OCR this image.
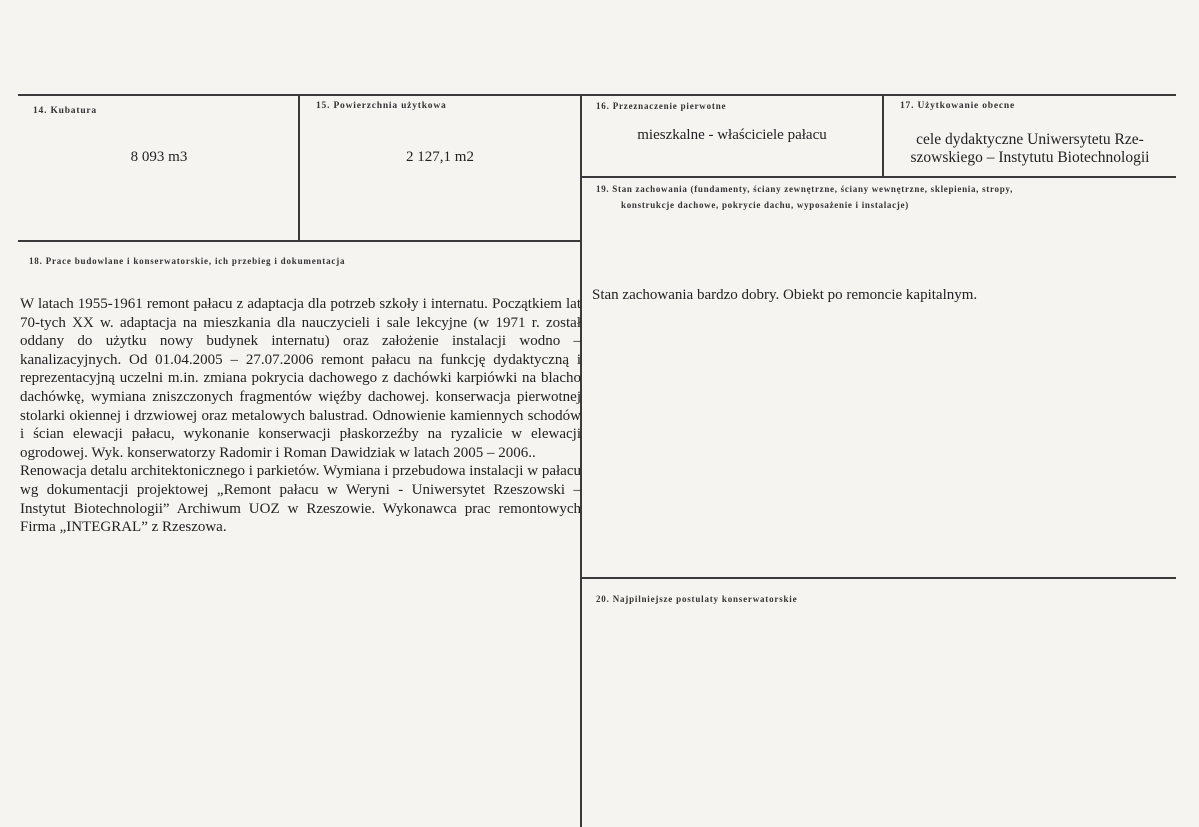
14. Kubatura
8 093 m3
15. Powierzchnia użytkowa
2 127,1 m2
16. Przeznaczenie pierwotne
mieszkalne - właściciele pałacu
17. Użytkowanie obecne
cele dydaktyczne Uniwersytetu Rze-
szowskiego – Instytutu Biotechnologii
18. Prace budowlane i konserwatorskie, ich przebieg i dokumentacja

W latach 1955-1961 remont pałacu z adaptacja dla potrzeb szkoły i internatu. Początkiem lat 70-tych XX w. adaptacja na mieszkania dla nauczycieli i sale lekcyjne (w 1971 r. został oddany do użytku nowy budynek internatu) oraz założenie instalacji wodno – kanalizacyjnych. Od 01.04.2005 – 27.07.2006 remont pałacu na funkcję dydaktyczną i reprezentacyjną uczelni m.in. zmiana pokrycia dachowego z dachówki karpiówki na blacho dachówkę, wymiana zniszczonych fragmentów więźby dachowej. konserwacja pierwotnej stolarki okiennej i drzwiowej oraz metalowych balustrad. Odnowienie kamiennych schodów i ścian elewacji pałacu, wykonanie konserwacji płaskorzeźby na ryzalicie w elewacji ogrodowej. Wyk. konserwatorzy Radomir i Roman Dawidziak w latach 2005 – 2006..

Renowacja detalu architektonicznego i parkietów. Wymiana i przebudowa instalacji w pałacu wg dokumentacji projektowej „Remont pałacu w Weryni - Uniwersytet Rzeszowski – Instytut Biotechnologii” Archiwum UOZ w Rzeszowie. Wykonawca prac remontowych Firma „INTEGRAL” z Rzeszowa.

19. Stan zachowania (fundamenty, ściany zewnętrzne, ściany wewnętrzne, sklepienia, stropy,
konstrukcje dachowe, pokrycie dachu, wyposażenie i instalacje)
Stan zachowania bardzo dobry. Obiekt po remoncie kapitalnym.
20. Najpilniejsze postulaty konserwatorskie
